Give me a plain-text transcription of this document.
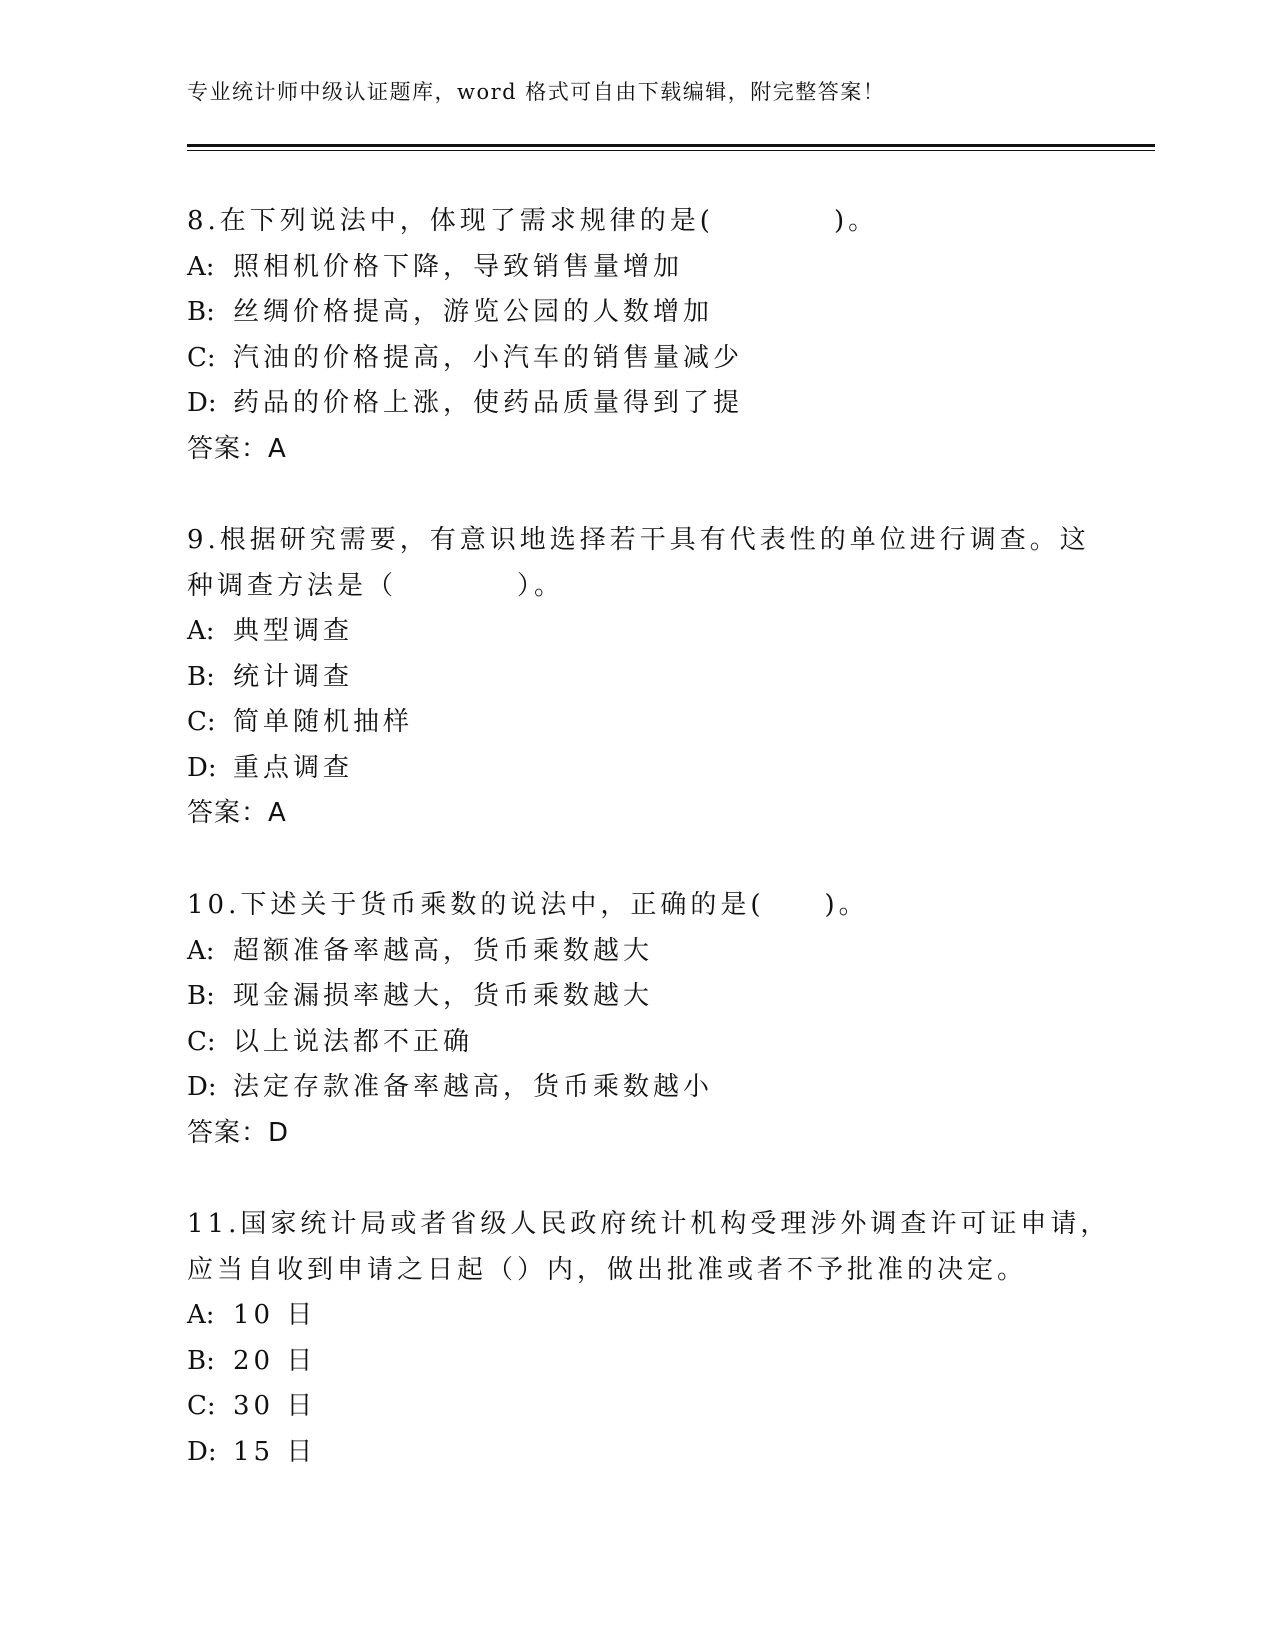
专业统计师中级认证题库，word 格式可自由下载编辑，附完整答案！
8.在下列说法中，体现了需求规律的是(　　　　)。
A: 照相机价格下降，导致销售量增加
B: 丝绸价格提高，游览公园的人数增加
C: 汽油的价格提高，小汽车的销售量减少
D: 药品的价格上涨，使药品质量得到了提
答案：A
9.根据研究需要，有意识地选择若干具有代表性的单位进行调查。这
种调查方法是（　　　　）。
A: 典型调查
B: 统计调查
C: 简单随机抽样
D: 重点调查
答案：A
10.下述关于货币乘数的说法中，正确的是(　　)。
A: 超额准备率越高，货币乘数越大
B: 现金漏损率越大，货币乘数越大
C: 以上说法都不正确
D: 法定存款准备率越高，货币乘数越小
答案：D
11.国家统计局或者省级人民政府统计机构受理涉外调查许可证申请，
应当自收到申请之日起（）内，做出批准或者不予批准的决定。
A: 10 日
B: 20 日
C: 30 日
D: 15 日
